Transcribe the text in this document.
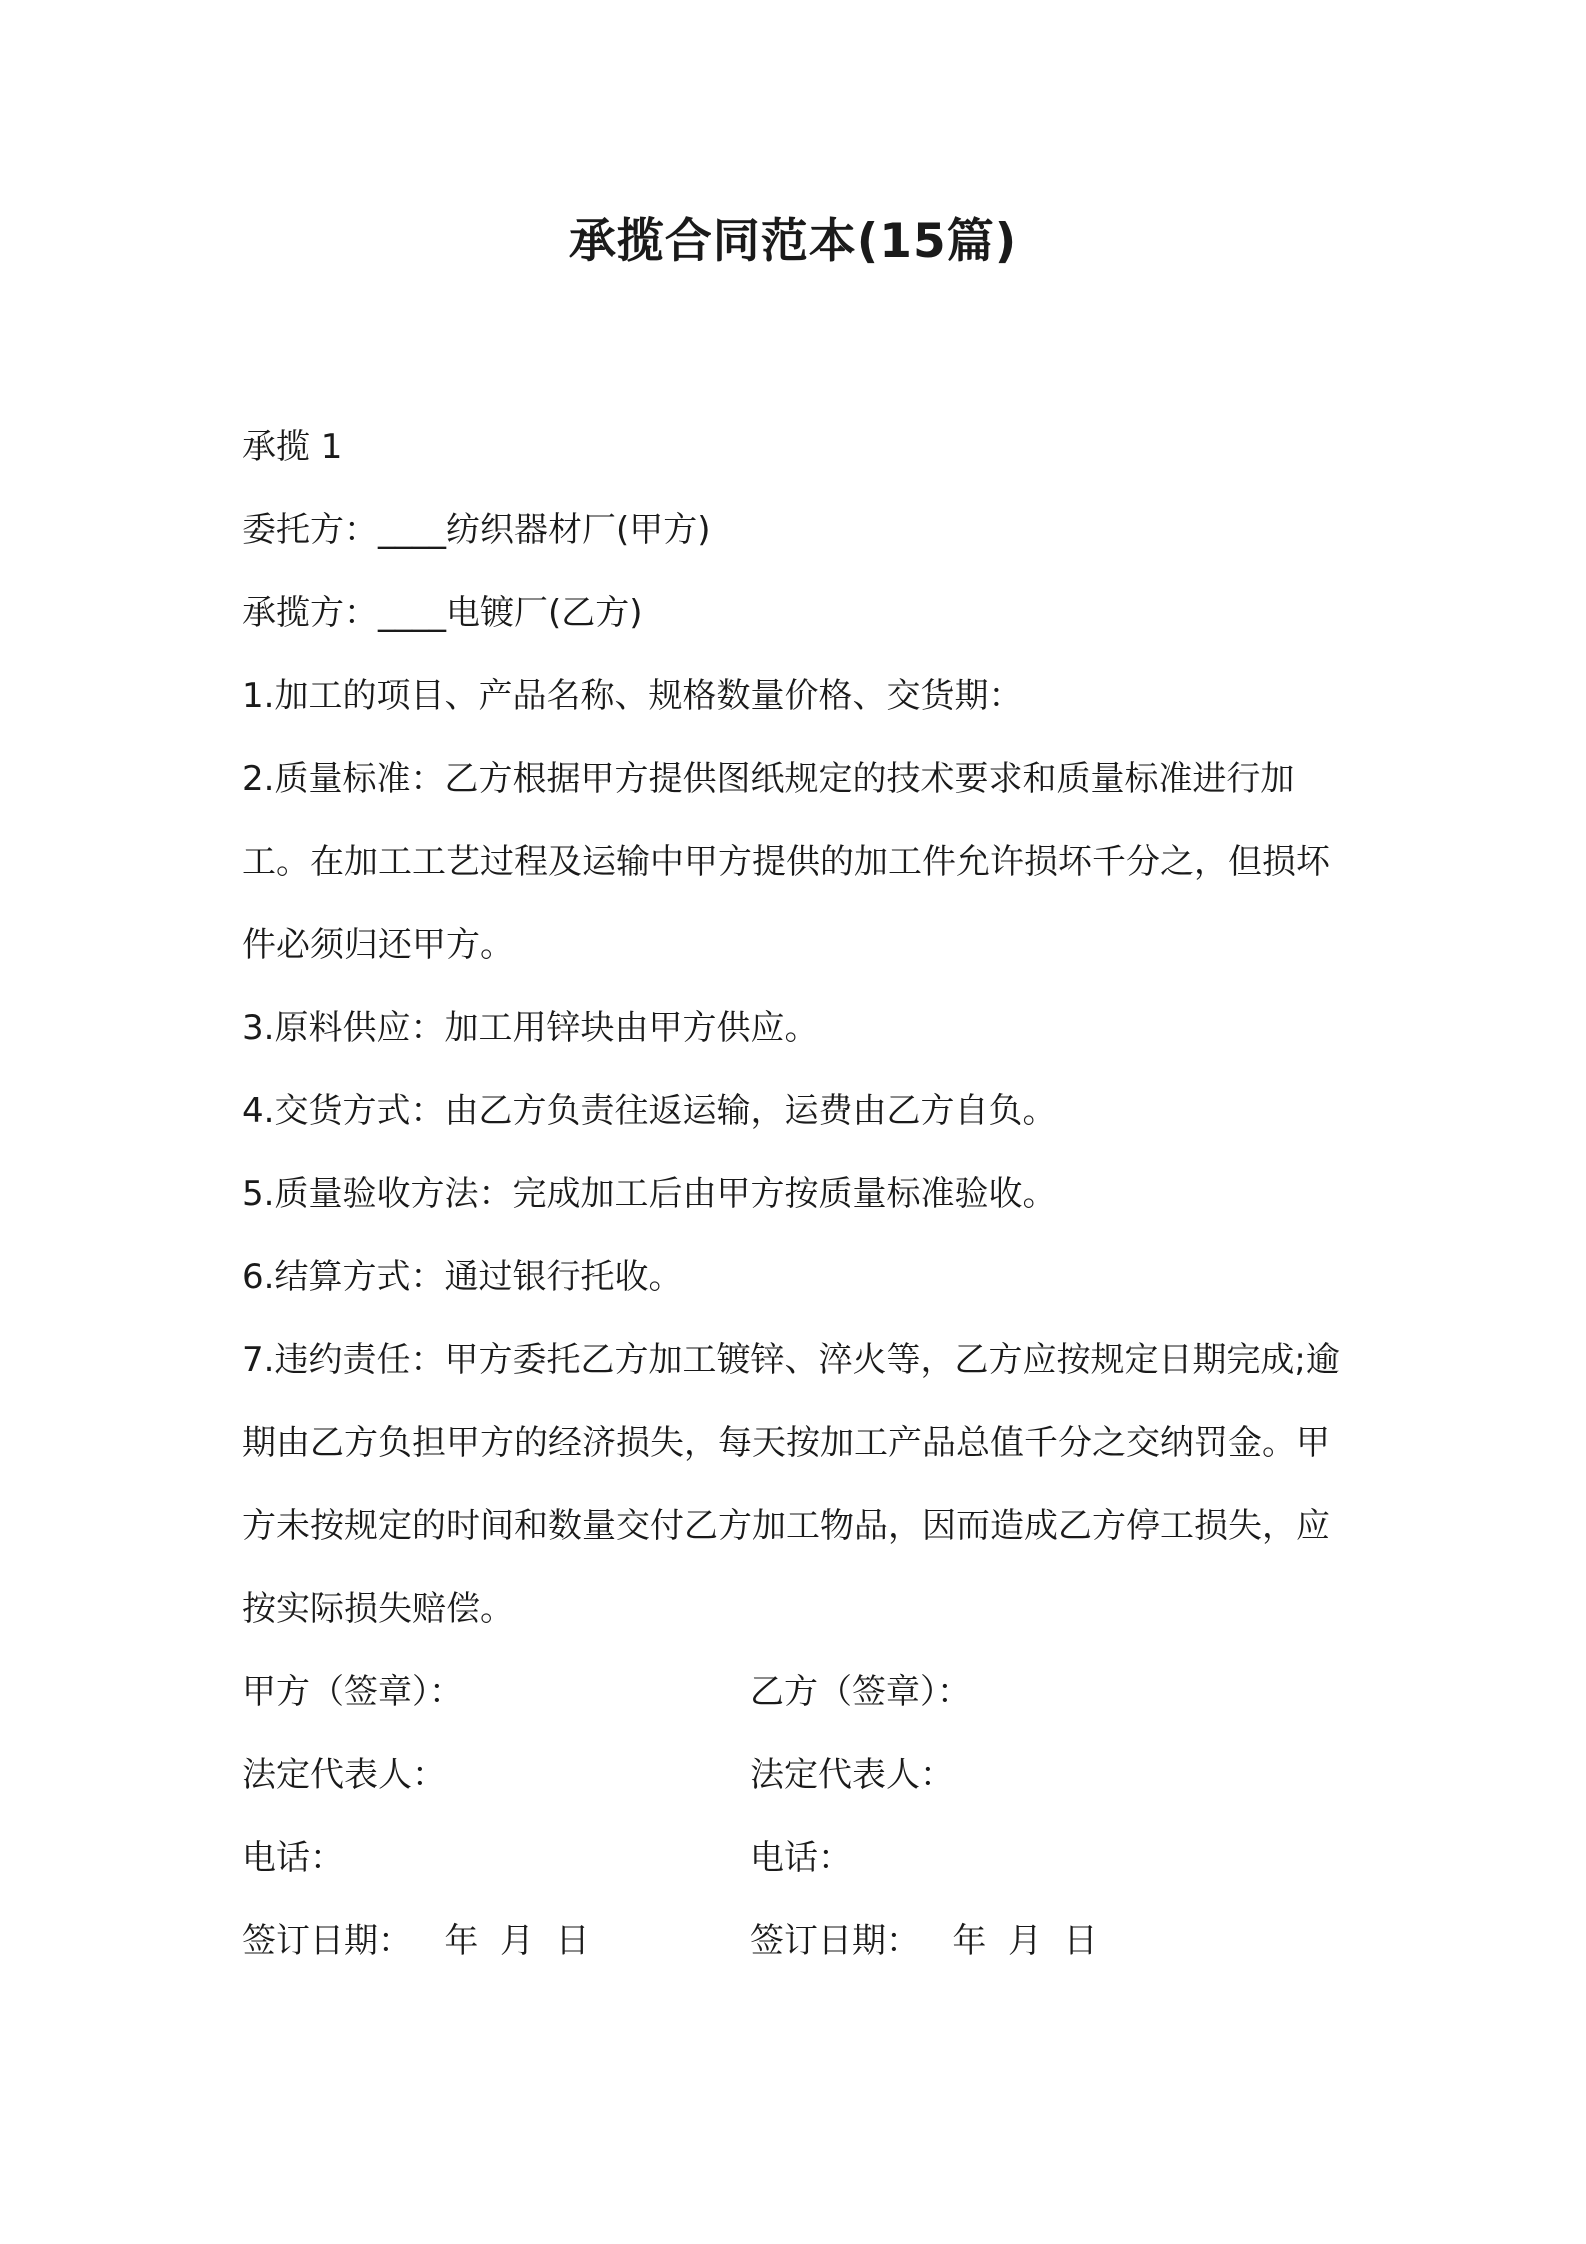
承揽合同范本(15篇)

承揽 1

委托方：____纺织器材厂(甲方)

承揽方：____电镀厂(乙方)

1.加工的项目、产品名称、规格数量价格、交货期：

2.质量标准：乙方根据甲方提供图纸规定的技术要求和质量标准进行加工。在加工工艺过程及运输中甲方提供的加工件允许损坏千分之，但损坏件必须归还甲方。

3.原料供应：加工用锌块由甲方供应。

4.交货方式：由乙方负责往返运输，运费由乙方自负。

5.质量验收方法：完成加工后由甲方按质量标准验收。

6.结算方式：通过银行托收。

7.违约责任：甲方委托乙方加工镀锌、淬火等，乙方应按规定日期完成;逾期由乙方负担甲方的经济损失，每天按加工产品总值千分之交纳罚金。甲方未按规定的时间和数量交付乙方加工物品，因而造成乙方停工损失，应按实际损失赔偿。

甲方（签章）：	乙方（签章）：
法定代表人：	法定代表人：
电话：	电话：
签订日期：   年  月  日	签订日期：   年  月  日
